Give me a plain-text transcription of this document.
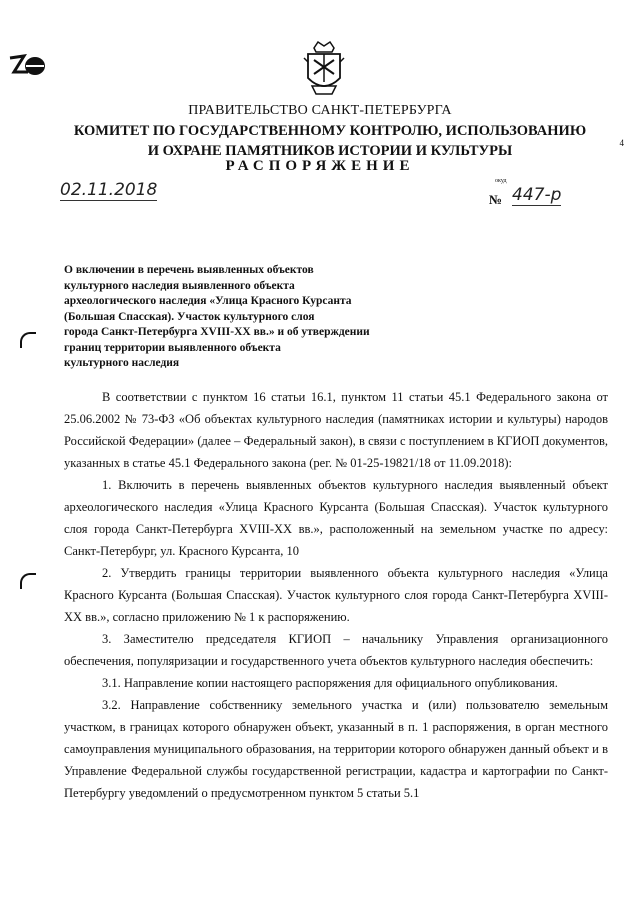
ПРАВИТЕЛЬСТВО САНКТ-ПЕТЕРБУРГА
КОМИТЕТ ПО ГОСУДАРСТВЕННОМУ КОНТРОЛЮ, ИСПОЛЬЗОВАНИЮ
И ОХРАНЕ ПАМЯТНИКОВ ИСТОРИИ И КУЛЬТУРЫ	4
РАСПОРЯЖЕНИЕ
02.11.2018	окуд
№ 447-р
О включении в перечень выявленных объектов
культурного наследия выявленного объекта
археологического наследия «Улица Красного Курсанта
(Большая Спасская). Участок культурного слоя
города Санкт-Петербурга XVIII-XX вв.» и об утверждении
границ территории выявленного объекта
культурного наследия

В соответствии с пунктом 16 статьи 16.1, пунктом 11 статьи 45.1 Федерального закона от 25.06.2002 № 73-ФЗ «Об объектах культурного наследия (памятниках истории и культуры) народов Российской Федерации» (далее – Федеральный закон), в связи с поступлением в КГИОП документов, указанных в статье 45.1 Федерального закона (рег. № 01-25-19821/18 от 11.09.2018):

1. Включить в перечень выявленных объектов культурного наследия выявленный объект археологического наследия «Улица Красного Курсанта (Большая Спасская). Участок культурного слоя города Санкт-Петербурга XVIII-XX вв.», расположенный на земельном участке по адресу: Санкт-Петербург, ул. Красного Курсанта, 10

2. Утвердить границы территории выявленного объекта культурного наследия «Улица Красного Курсанта (Большая Спасская). Участок культурного слоя города Санкт-Петербурга XVIII-XX вв.», согласно приложению № 1 к распоряжению.

3. Заместителю председателя КГИОП – начальнику Управления организационного обеспечения, популяризации и государственного учета объектов культурного наследия обеспечить:

3.1. Направление копии настоящего распоряжения для официального опубликования.

3.2. Направление собственнику земельного участка и (или) пользователю земельным участком, в границах которого обнаружен объект, указанный в п. 1 распоряжения, в орган местного самоуправления муниципального образования, на территории которого обнаружен данный объект и в Управление Федеральной службы государственной регистрации, кадастра и картографии по Санкт-Петербургу уведомлений о предусмотренном пунктом 5 статьи 5.1
